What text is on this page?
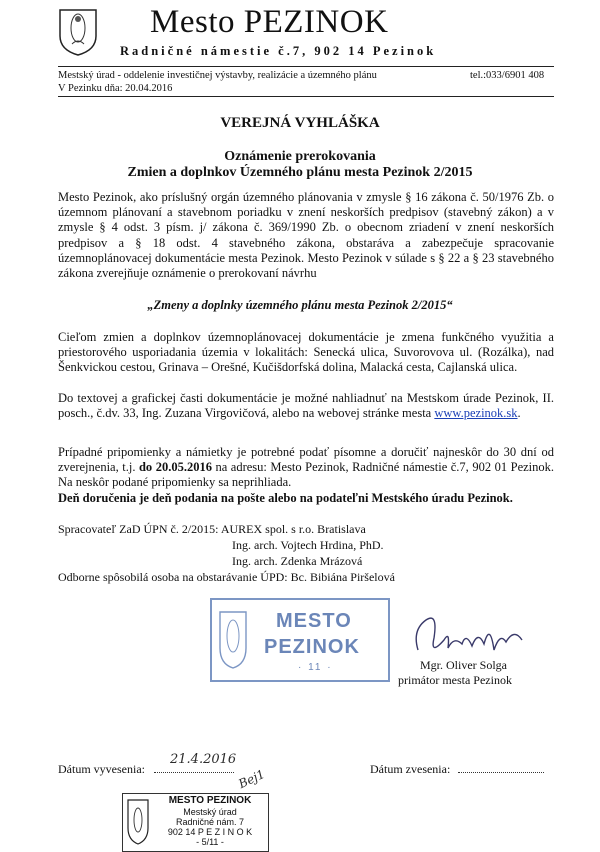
Mesto PEZINOK
Radničné námestie č.7, 902 14 Pezinok
Mestský úrad - oddelenie investičnej výstavby, realizácie a územného plánu	tel.:033/6901 408
V Pezinku dňa: 20.04.2016
VEREJNÁ VYHLÁŠKA
Oznámenie prerokovania
Zmien a doplnkov Územného plánu mesta Pezinok 2/2015
Mesto Pezinok, ako príslušný orgán územného plánovania v zmysle § 16 zákona č. 50/1976 Zb. o územnom plánovaní a stavebnom poriadku v znení neskorších predpisov (stavebný zákon) a v zmysle § 4 odst. 3 písm. j/ zákona č. 369/1990 Zb. o obecnom zriadení v znení neskorších predpisov a § 18 odst. 4 stavebného zákona, obstaráva a zabezpečuje spracovanie územnoplánovacej dokumentácie mesta Pezinok. Mesto Pezinok v súlade s § 22 a § 23 stavebného zákona zverejňuje oznámenie o prerokovaní návrhu
„Zmeny a doplnky územného plánu mesta Pezinok 2/2015“
Cieľom zmien a doplnkov územnoplánovacej dokumentácie je zmena funkčného využitia a priestorového usporiadania územia v lokalitách: Senecká ulica, Suvorovova ul. (Rozálka), nad Šenkvickou cestou, Grinava – Orešné, Kučišdorfská dolina, Malacká cesta, Cajlanská ulica.
Do textovej a grafickej časti dokumentácie je možné nahliadnuť na Mestskom úrade Pezinok, II. posch., č.dv. 33, Ing. Zuzana Virgovičová, alebo na webovej stránke mesta www.pezinok.sk.
Prípadné pripomienky a námietky je potrebné podať písomne a doručiť najneskôr do 30 dní od zverejnenia, t.j. do 20.05.2016 na adresu: Mesto Pezinok, Radničné námestie č.7, 902 01 Pezinok. Na neskôr podané pripomienky sa neprihliada.
Deň doručenia je deň podania na pošte alebo na podateľni Mestského úradu Pezinok.
Spracovateľ ZaD ÚPN č. 2/2015: AUREX spol. s r.o. Bratislava
Ing. arch. Vojtech Hrdina, PhD.
Ing. arch. Zdenka Mrázová
Odborne spôsobilá osoba na obstarávanie ÚPD: Bc. Bibiána Piršelová
MESTO
PEZINOK
· 11 ·	Mgr. Oliver Solga
primátor mesta Pezinok
Dátum vyvesenia:
21.4.2016
Bej1	Dátum zvesenia:
MESTO PEZINOK
Mestský úrad
Radničné nám. 7
902 14 P E Z I N O K
- 5/11 -
